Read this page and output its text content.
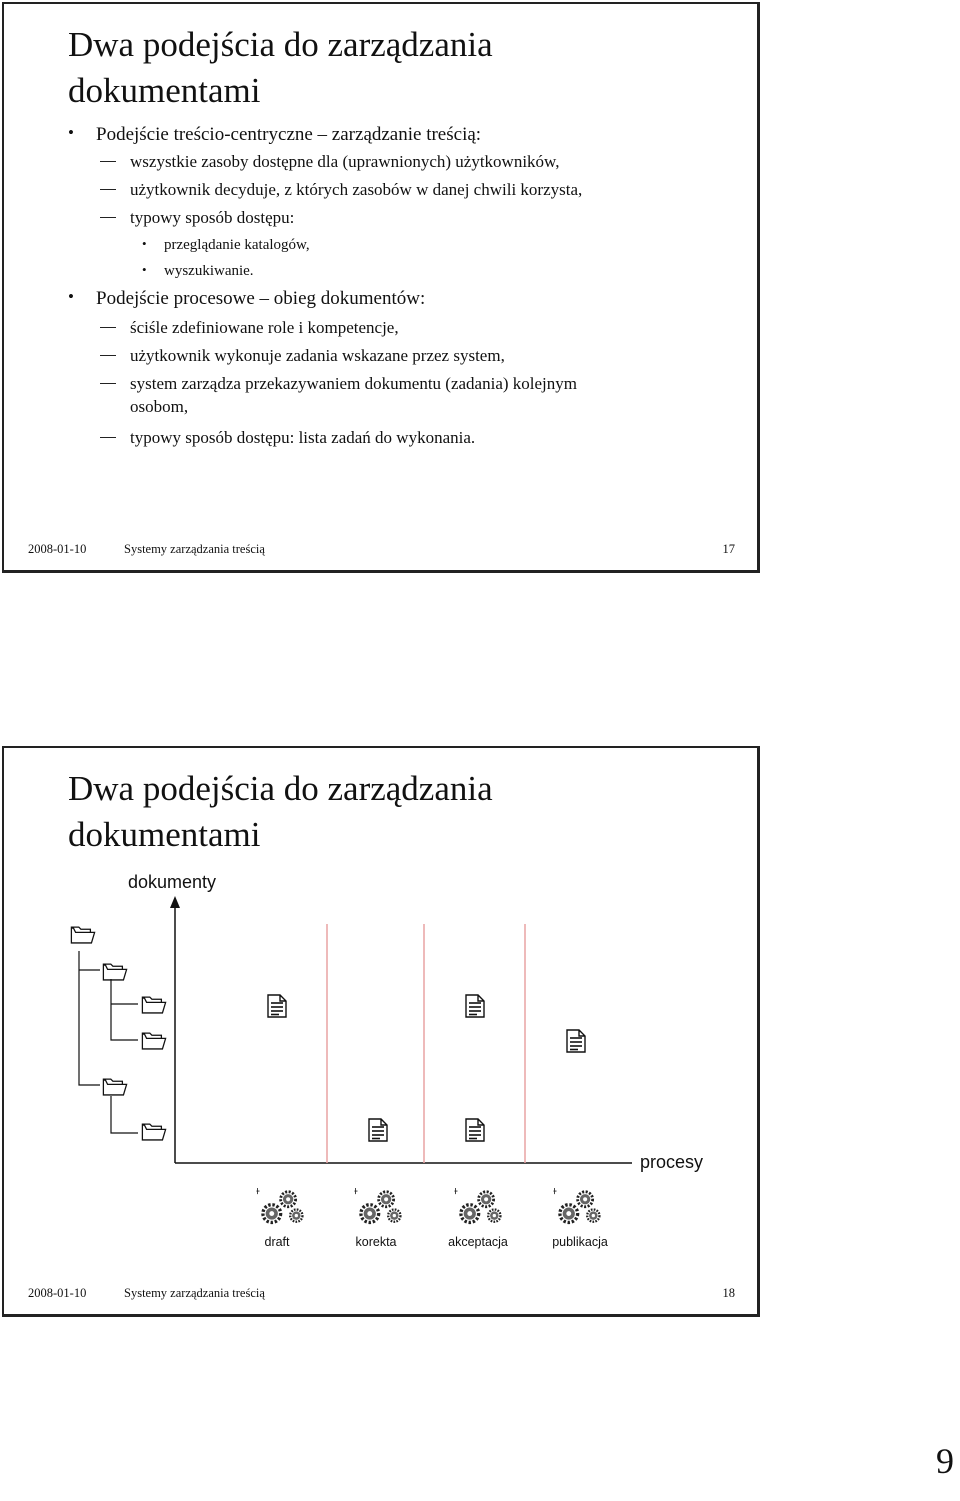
Dwa podejścia do zarządzania
dokumentami
• Podejście treścio-centryczne – zarządzanie treścią:
wszystkie zasoby dostępne dla (uprawnionych) użytkowników,
użytkownik decyduje, z których zasobów w danej chwili korzysta,
typowy sposób dostępu:
• przeglądanie katalogów,
• wyszukiwanie.
• Podejście procesowe – obieg dokumentów:
ściśle zdefiniowane role i kompetencje,
użytkownik wykonuje zadania wskazane przez system,
system zarządza przekazywaniem dokumentu (zadania) kolejnym
osobom,
typowy sposób dostępu: lista zadań do wykonania.
2008-01-10	Systemy zarządzania treścią	17
Dwa podejścia do zarządzania
dokumentami
dokumenty
procesy
draft	korekta	akceptacja	publikacja
2008-01-10	Systemy zarządzania treścią	18
9
